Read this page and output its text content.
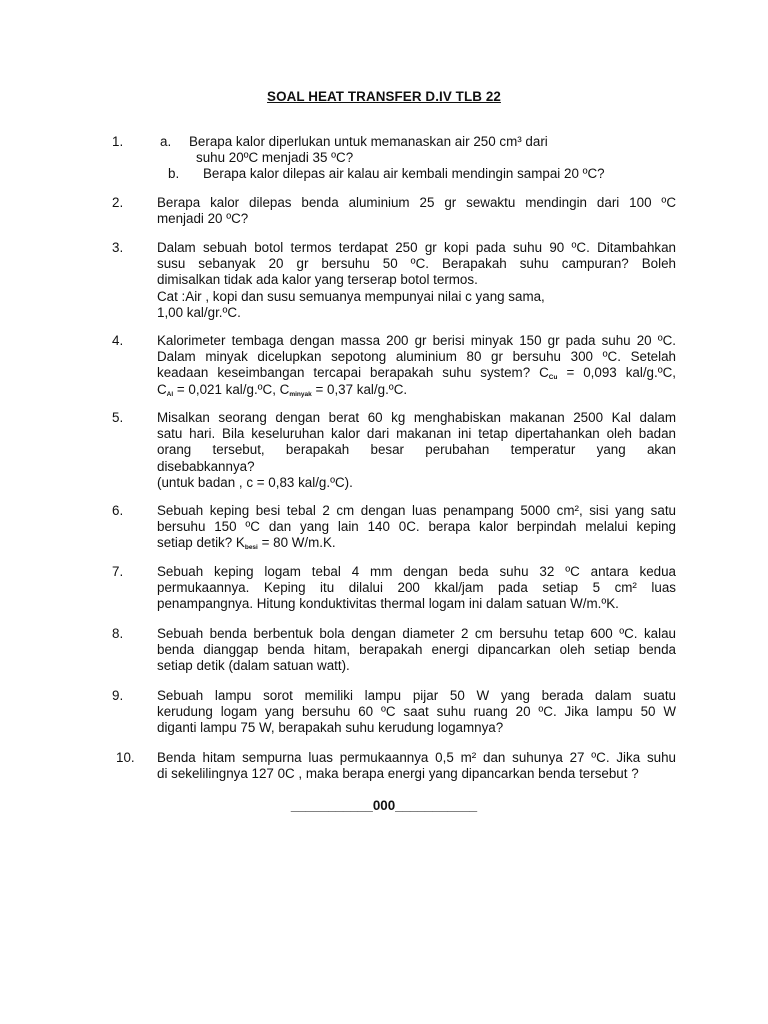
SOAL HEAT TRANSFER D.IV TLB 22
1.	a. Berapa kalor diperlukan untuk memanaskan air 250 cm³ dari
suhu 20ºC menjadi 35 ºC?
b. Berapa kalor dilepas air kalau air kembali mendingin sampai 20 ºC?
2.	Berapa kalor dilepas benda aluminium 25 gr sewaktu mendingin dari 100 ºC
menjadi 20 ºC?
3.	Dalam sebuah botol termos terdapat 250 gr kopi pada suhu 90 ºC. Ditambahkan
susu sebanyak 20 gr bersuhu 50 ºC. Berapakah suhu campuran? Boleh
dimisalkan tidak ada kalor yang terserap botol termos.
Cat :Air , kopi dan susu semuanya mempunyai nilai c yang sama,
1,00 kal/gr.ºC.
4.	Kalorimeter tembaga dengan massa 200 gr berisi minyak 150 gr pada suhu 20 ºC.
Dalam minyak dicelupkan sepotong aluminium 80 gr bersuhu 300 ºC. Setelah
keadaan keseimbangan tercapai berapakah suhu system? $C_{Cu} = 0,093$ kal/g.ºC,
$C_{Al} = 0,021$ kal/g.ºC, $C_{minyak} = 0,37$ kal/g.ºC.
5.	Misalkan seorang dengan berat 60 kg menghabiskan makanan 2500 Kal dalam
satu hari. Bila keseluruhan kalor dari makanan ini tetap dipertahankan oleh badan
orang tersebut, berapakah besar perubahan temperatur yang akan
disebabkannya?
(untuk badan , c = 0,83 kal/g.ºC).
6.	Sebuah keping besi tebal 2 cm dengan luas penampang 5000 cm², sisi yang satu
bersuhu 150 ºC dan yang lain 140 0C. berapa kalor berpindah melalui keping
setiap detik? $K_{besi} = 80$ W/m.K.
7.	Sebuah keping logam tebal 4 mm dengan beda suhu 32 ºC antara kedua
permukaannya. Keping itu dilalui 200 kkal/jam pada setiap 5 cm² luas
penampangnya. Hitung konduktivitas thermal logam ini dalam satuan W/m.ºK.
8.	Sebuah benda berbentuk bola dengan diameter 2 cm bersuhu tetap 600 ºC. kalau
benda dianggap benda hitam, berapakah energi dipancarkan oleh setiap benda
setiap detik (dalam satuan watt).
9.	Sebuah lampu sorot memiliki lampu pijar 50 W yang berada dalam suatu
kerudung logam yang bersuhu 60 ºC saat suhu ruang 20 ºC. Jika lampu 50 W
diganti lampu 75 W, berapakah suhu kerudung logamnya?
10.	Benda hitam sempurna luas permukaannya 0,5 m² dan suhunya 27 ºC. Jika suhu
di sekelilingnya 127 0C , maka berapa energi yang dipancarkan benda tersebut ?
___________000___________
